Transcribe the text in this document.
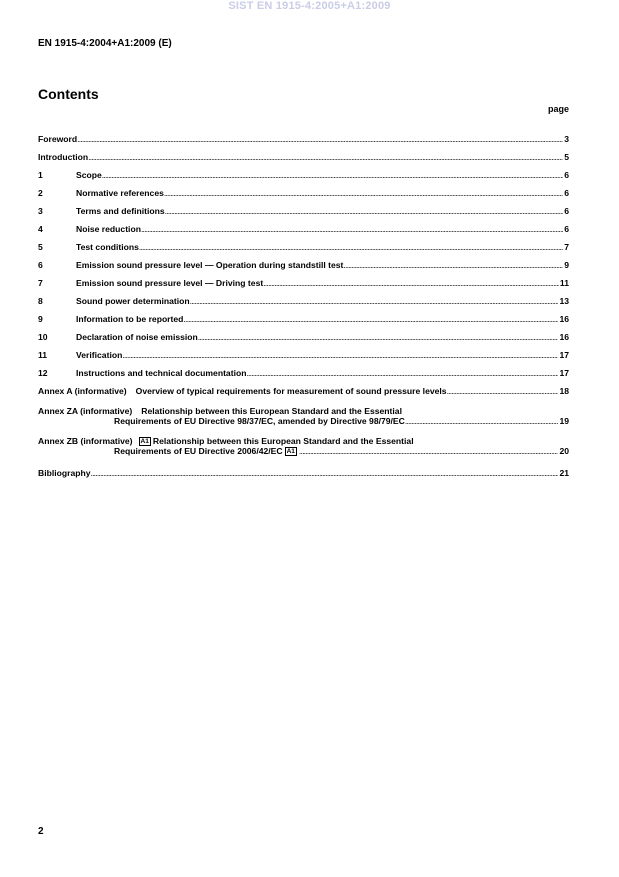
SIST EN 1915-4:2005+A1:2009
EN 1915-4:2004+A1:2009 (E)
Contents
page
Foreword . . .	3
Introduction . . .	5
1	Scope . . .	6
2	Normative references . . .	6
3	Terms and definitions . . .	6
4	Noise reduction . . .	6
5	Test conditions . . .	7
6	Emission sound pressure level — Operation during standstill test . . .	9
7	Emission sound pressure level — Driving test . . .	11
8	Sound power determination . . .	13
9	Information to be reported . . .	16
10	Declaration of noise emission . . .	16
11	Verification . . .	17
12	Instructions and technical documentation . . .	17
Annex A (informative) Overview of typical requirements for measurement of sound pressure levels . . .	18
Annex ZA (informative) Relationship between this European Standard and the Essential
Requirements of EU Directive 98/37/EC, amended by Directive 98/79/EC . . .	19
Annex ZB (informative)	A1 Relationship between this European Standard and the Essential
Requirements of EU Directive 2006/42/EC A1 . . .	20
Bibliography . . .	21
2
